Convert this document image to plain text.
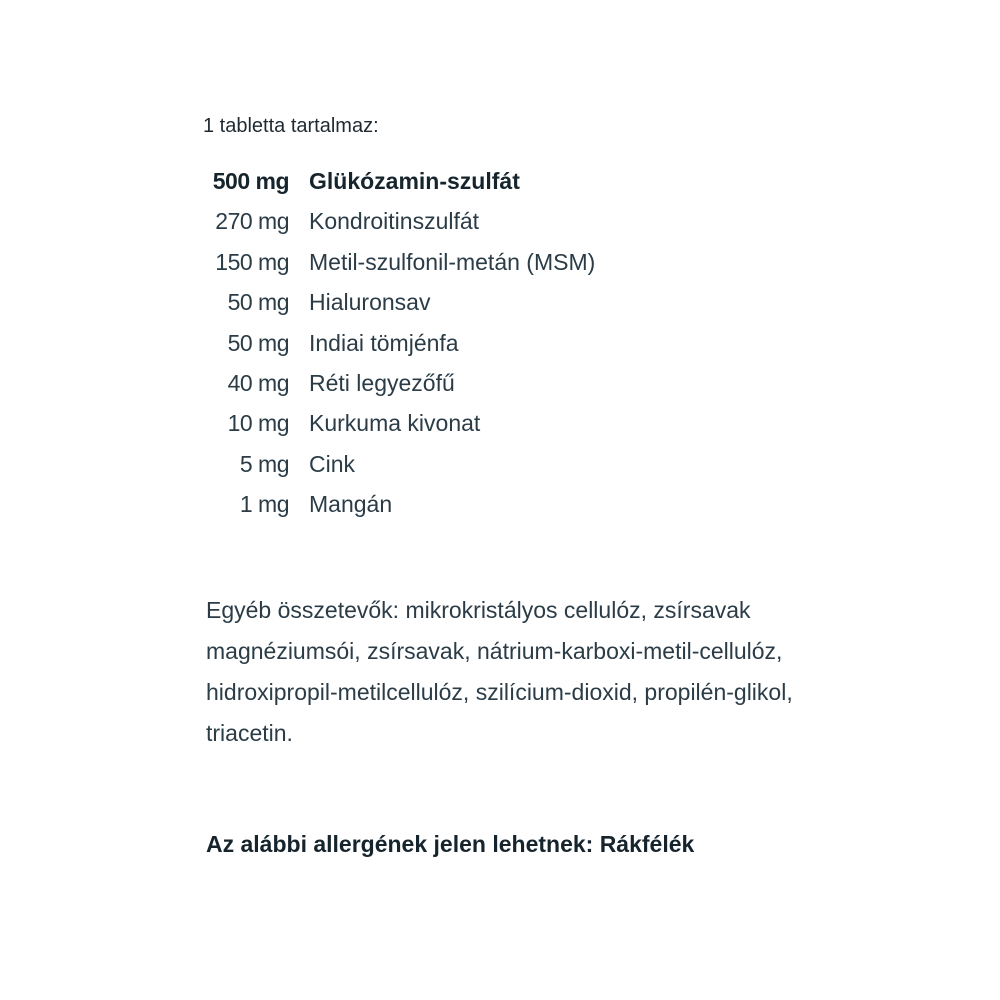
1 tabletta tartalmaz:
500 mg Glükózamin-szulfát
270 mg Kondroitinszulfát
150 mg Metil-szulfonil-metán (MSM)
50 mg Hialuronsav
50 mg Indiai tömjénfa
40 mg Réti legyezőfű
10 mg Kurkuma kivonat
5 mg Cink
1 mg Mangán
Egyéb összetevők: mikrokristályos cellulóz, zsírsavak magnéziumsói, zsírsavak, nátrium-karboxi-metil-cellulóz, hidroxipropil-metilcellulóz, szilícium-dioxid, propilén-glikol, triacetin.
Az alábbi allergének jelen lehetnek: Rákfélék
